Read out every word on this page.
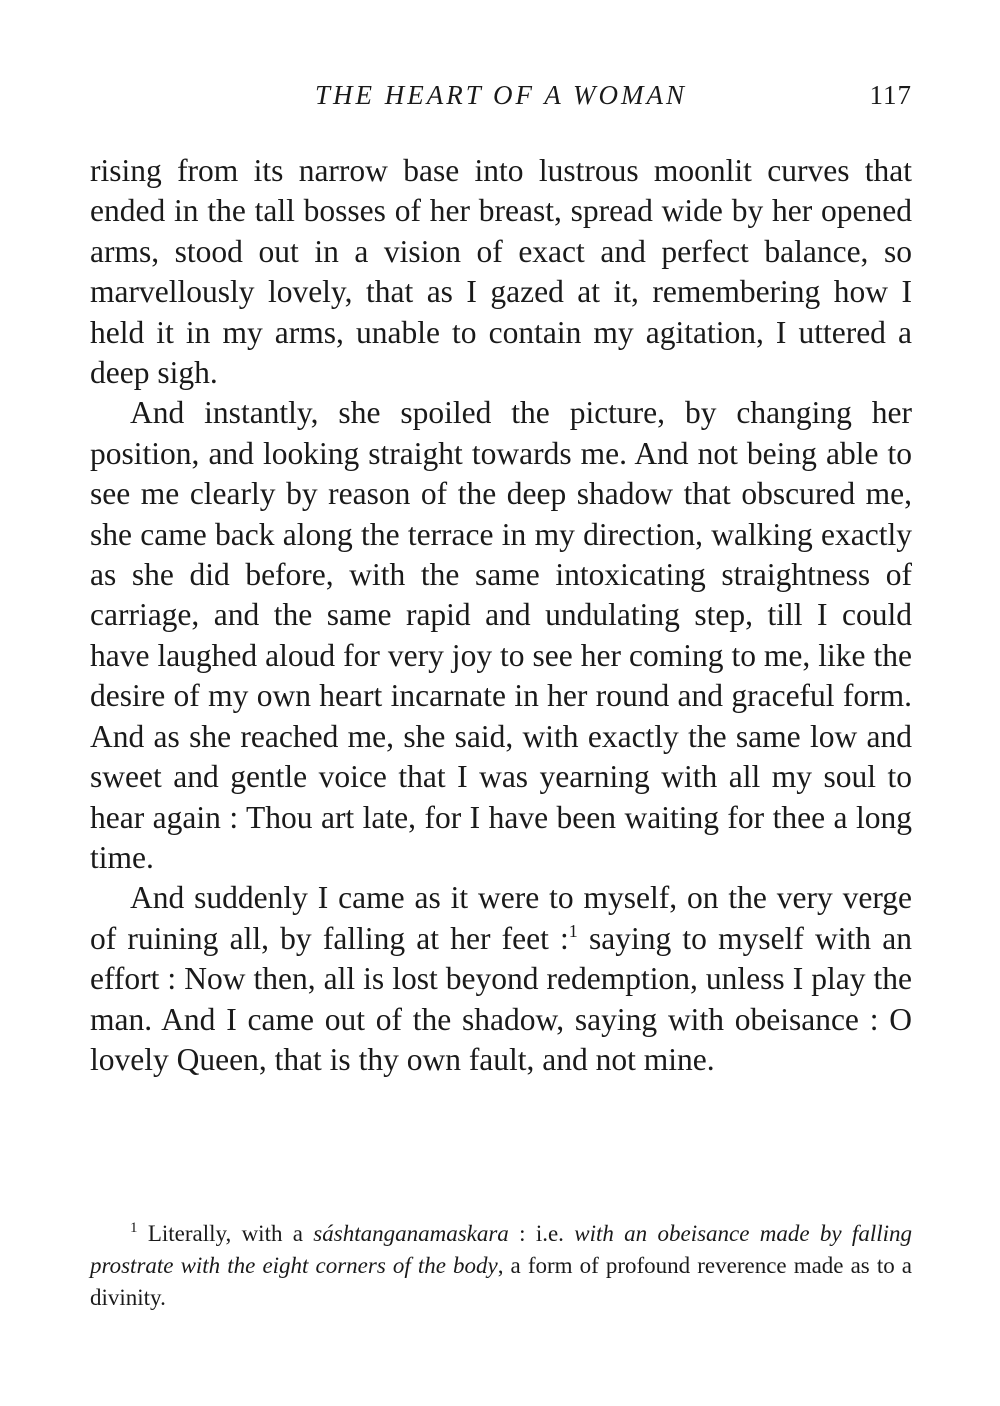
THE HEART OF A WOMAN	117

rising from its narrow base into lustrous moonlit curves that ended in the tall bosses of her breast, spread wide by her opened arms, stood out in a vision of exact and perfect balance, so marvellously lovely, that as I gazed at it, remembering how I held it in my arms, unable to contain my agitation, I uttered a deep sigh.

And instantly, she spoiled the picture, by changing her position, and looking straight towards me. And not being able to see me clearly by reason of the deep shadow that obscured me, she came back along the terrace in my direction, walking exactly as she did before, with the same intoxicating straightness of carriage, and the same rapid and undulating step, till I could have laughed aloud for very joy to see her coming to me, like the desire of my own heart incarnate in her round and graceful form. And as she reached me, she said, with exactly the same low and sweet and gentle voice that I was yearning with all my soul to hear again : Thou art late, for I have been waiting for thee a long time.

And suddenly I came as it were to myself, on the very verge of ruining all, by falling at her feet :$^1$ saying to myself with an effort : Now then, all is lost beyond redemption, unless I play the man. And I came out of the shadow, saying with obeisance : O lovely Queen, that is thy own fault, and not mine.

$^1$ Literally, with a sáshtanganamaskara : i.e. with an obeisance made by falling prostrate with the eight corners of the body, a form of profound reverence made as to a divinity.
